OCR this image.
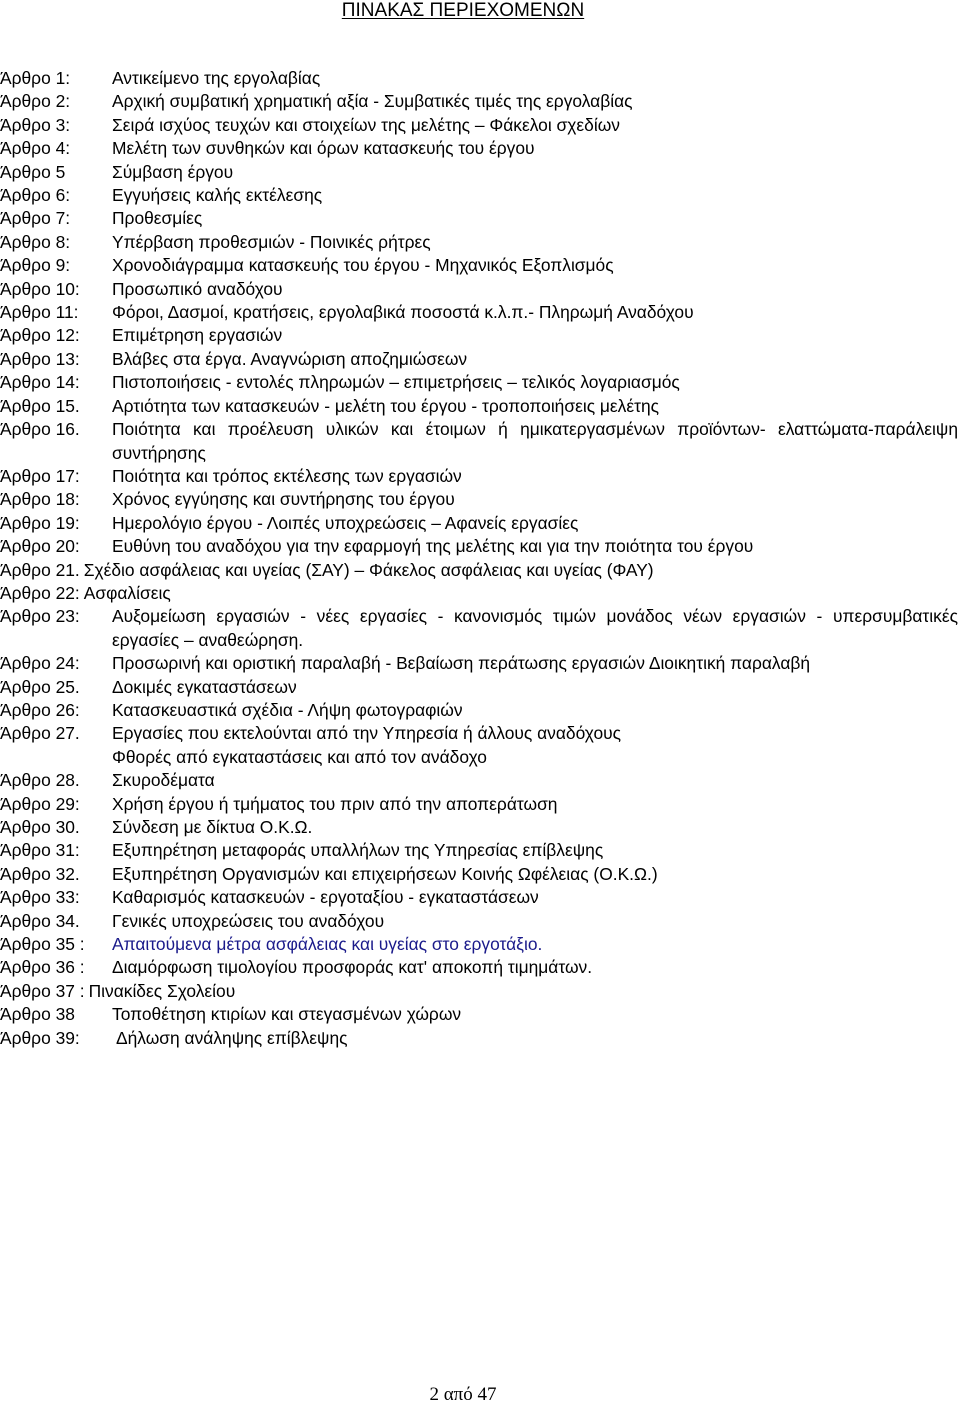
ΠΙΝΑΚΑΣ ΠΕΡΙΕΧΟΜΕΝΩΝ
Άρθρο 1: Αντικείμενο της εργολαβίας
Άρθρο 2: Αρχική συμβατική χρηματική αξία - Συμβατικές τιμές της εργολαβίας
Άρθρο 3: Σειρά ισχύος τευχών και στοιχείων της μελέτης – Φάκελοι σχεδίων
Άρθρο 4: Μελέτη των συνθηκών και όρων κατασκευής του έργου
Άρθρο 5	Σύμβαση έργου
Άρθρο 6: Εγγυήσεις καλής εκτέλεσης
Άρθρο 7: Προθεσμίες
Άρθρο 8: Υπέρβαση προθεσμιών - Ποινικές ρήτρες
Άρθρο 9: Χρονοδιάγραμμα κατασκευής του έργου - Μηχανικός Εξοπλισμός
Άρθρο 10: Προσωπικό αναδόχου
Άρθρο 11: Φόροι, Δασμοί, κρατήσεις, εργολαβικά ποσοστά κ.λ.π.- Πληρωμή Αναδόχου
Άρθρο 12: Επιμέτρηση εργασιών
Άρθρο 13: Βλάβες στα έργα. Αναγνώριση αποζημιώσεων
Άρθρο 14: Πιστοποιήσεις - εντολές πληρωμών – επιμετρήσεις – τελικός λογαριασμός
Άρθρο 15. Αρτιότητα των κατασκευών - μελέτη του έργου - τροποποιήσεις μελέτης
Άρθρο 16.	Ποιότητα και προέλευση υλικών και έτοιμων ή ημικατεργασμένων προϊόντων- ελαττώματα-παράλειψη συντήρησης
Άρθρο 17: Ποιότητα και τρόπος εκτέλεσης των εργασιών
Άρθρο 18: Χρόνος εγγύησης και συντήρησης του έργου
Άρθρο 19: Ημερολόγιο έργου - Λοιπές υποχρεώσεις – Αφανείς εργασίες
Άρθρο 20: Ευθύνη του αναδόχου για την εφαρμογή της μελέτης και για την ποιότητα του έργου
Άρθρο 21. Σχέδιο ασφάλειας και υγείας (ΣΑΥ) – Φάκελος ασφάλειας και υγείας (ΦΑΥ)
Άρθρο 22: Ασφαλίσεις
Άρθρο 23:	Αυξομείωση εργασιών - νέες εργασίες - κανονισμός τιμών μονάδος νέων εργασιών - υπερσυμβατικές εργασίες – αναθεώρηση.
Άρθρο 24: Προσωρινή και οριστική παραλαβή - Βεβαίωση περάτωσης εργασιών Διοικητική παραλαβή
Άρθρο 25. Δοκιμές εγκαταστάσεων
Άρθρο 26: Κατασκευαστικά σχέδια - Λήψη φωτογραφιών
Άρθρο 27. Εργασίες που εκτελούνται από την Υπηρεσία ή άλλους αναδόχους
Φθορές από εγκαταστάσεις και από τον ανάδοχο
Άρθρο 28. Σκυροδέματα
Άρθρο 29: Χρήση έργου ή τμήματος του πριν από την αποπεράτωση
Άρθρο 30. Σύνδεση με δίκτυα Ο.Κ.Ω.
Άρθρο 31: Εξυπηρέτηση μεταφοράς υπαλλήλων της Υπηρεσίας επίβλεψης
Άρθρο 32. Εξυπηρέτηση Οργανισμών και επιχειρήσεων Κοινής Ωφέλειας (Ο.Κ.Ω.)
Άρθρο 33: Καθαρισμός κατασκευών - εργοταξίου - εγκαταστάσεων
Άρθρο 34. Γενικές υποχρεώσεις του αναδόχου
Άρθρο 35 : Απαιτούμενα μέτρα ασφάλειας και υγείας στο εργοτάξιο.
Άρθρο 36 : Διαμόρφωση τιμολογίου προσφοράς κατ' αποκοπή τιμημάτων.
Άρθρο 37 : Πινακίδες Σχολείου
Άρθρο 38 Τοποθέτηση κτιρίων και στεγασμένων χώρων
Άρθρο 39: Δήλωση ανάληψης επίβλεψης
2 από 47
